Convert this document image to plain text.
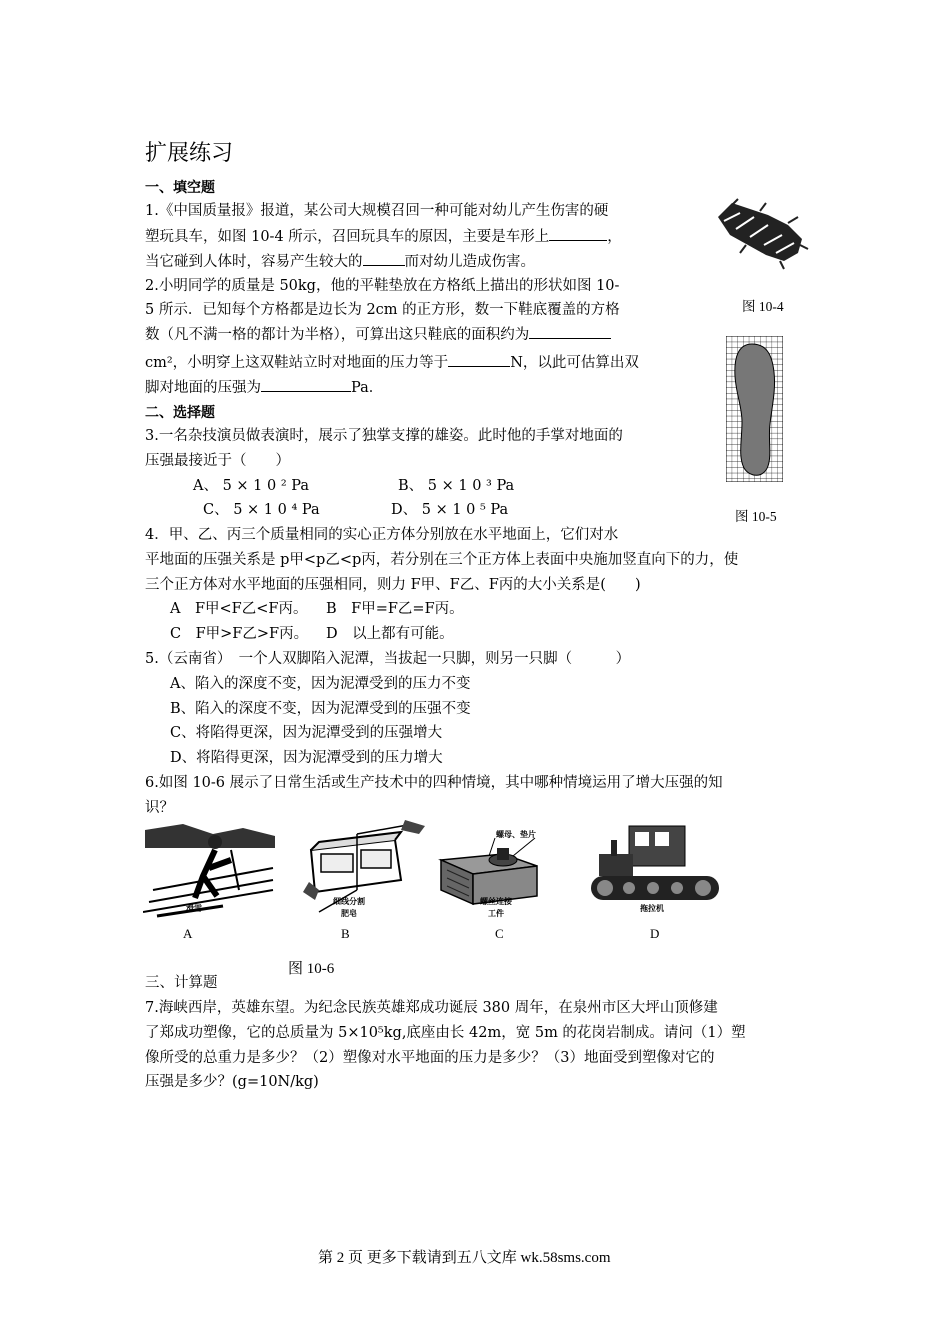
扩展练习
一、填空题
1.《中国质量报》报道，某公司大规模召回一种可能对幼儿产生伤害的硬
塑玩具车，如图 10-4 所示，召回玩具车的原因，主要是车形上	，
当它碰到人体时，容易产生较大的	而对幼儿造成伤害。
2.小明同学的质量是 50kg，他的平鞋垫放在方格纸上描出的形状如图 10-
5 所示．已知每个方格都是边长为 2cm 的正方形，数一下鞋底覆盖的方格
数（凡不满一格的都计为半格），可算出这只鞋底的面积约为
cm²，小明穿上这双鞋站立时对地面的压力等于	N，以此可估算出双
脚对地面的压强为	Pa．
二、选择题
3.一名杂技演员做表演时，展示了独掌支撑的雄姿。此时他的手掌对地面的
压强最接近于（　　）
A、 5 × 1 0 ² Pa	B、 5 × 1 0 ³ Pa
C、 5 × 1 0 ⁴ Pa	D、 5 × 1 0 ⁵ Pa
4．甲、乙、丙三个质量相同的实心正方体分别放在水平地面上，它们对水
平地面的压强关系是 p甲<p乙<p丙，若分别在三个正方体上表面中央施加竖直向下的力，使
三个正方体对水平地面的压强相同，则力 F甲、F乙、F丙的大小关系是(　　)
A　F甲<F乙<F丙。 B　F甲=F乙=F丙。
C　F甲>F乙>F丙。 D　以上都有可能。
5.（云南省）　一个人双脚陷入泥潭，当拔起一只脚，则另一只脚（　　　）
A、陷入的深度不变，因为泥潭受到的压力不变
B、陷入的深度不变，因为泥潭受到的压强不变
C、将陷得更深，因为泥潭受到的压强增大
D、将陷得更深，因为泥潭受到的压力增大
6.如图 10-6 展示了日常生活或生产技术中的四种情境，其中哪种情境运用了增大压强的知
识？
图 10-4
图 10-5
滑雪
细线分割
肥皂
螺丝连接
工件
螺母、垫片
拖拉机
A	B	C	D
图 10-6
三、计算题
7.海峡西岸，英雄东望。为纪念民族英雄郑成功诞辰 380 周年，在泉州市区大坪山顶修建
了郑成功塑像，它的总质量为 5×10⁵kg,底座由长 42m，宽 5m 的花岗岩制成。请问（1）塑
像所受的总重力是多少？（2）塑像对水平地面的压力是多少？（3）地面受到塑像对它的
压强是多少？(g=10N/kg)
第 2 页 更多下载请到五八文库 wk.58sms.com
